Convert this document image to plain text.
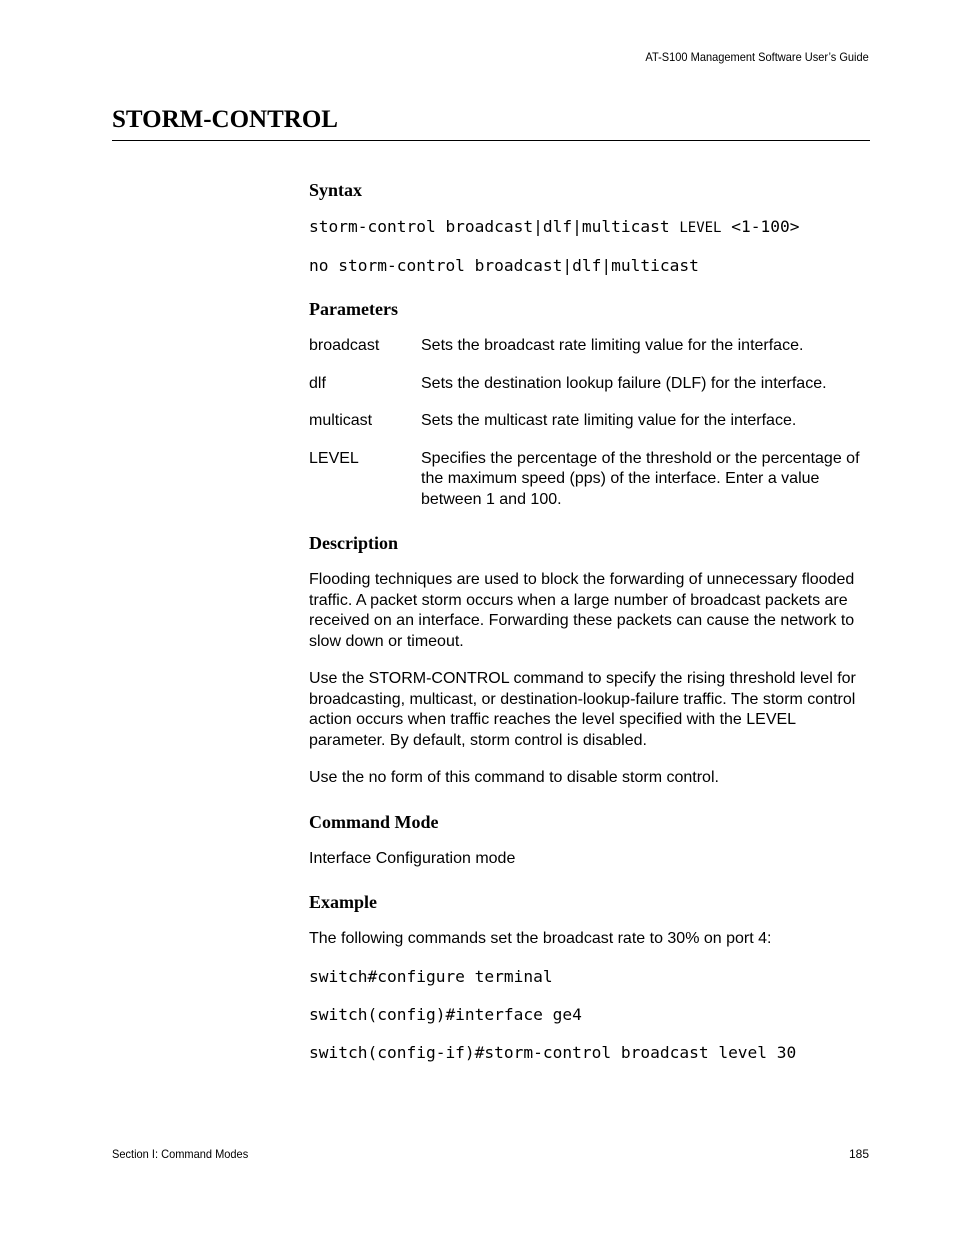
AT-S100 Management Software User’s Guide
STORM-CONTROL
Syntax
storm-control broadcast|dlf|multicast LEVEL <1-100>
no storm-control broadcast|dlf|multicast
Parameters
broadcast	Sets the broadcast rate limiting value for the interface.
dlf	Sets the destination lookup failure (DLF) for the interface.
multicast	Sets the multicast rate limiting value for the interface.
LEVEL	Specifies the percentage of the threshold or the percentage of the maximum speed (pps) of the interface. Enter a value between 1 and 100.
Description

Flooding techniques are used to block the forwarding of unnecessary flooded traffic. A packet storm occurs when a large number of broadcast packets are received on an interface. Forwarding these packets can cause the network to slow down or timeout.

Use the STORM-CONTROL command to specify the rising threshold level for broadcasting, multicast, or destination-lookup-failure traffic. The storm control action occurs when traffic reaches the level specified with the LEVEL parameter. By default, storm control is disabled.

Use the no form of this command to disable storm control.

Command Mode

Interface Configuration mode

Example

The following commands set the broadcast rate to 30% on port 4:

switch#configure terminal
switch(config)#interface ge4
switch(config-if)#storm-control broadcast level 30
Section I: Command Modes	185
